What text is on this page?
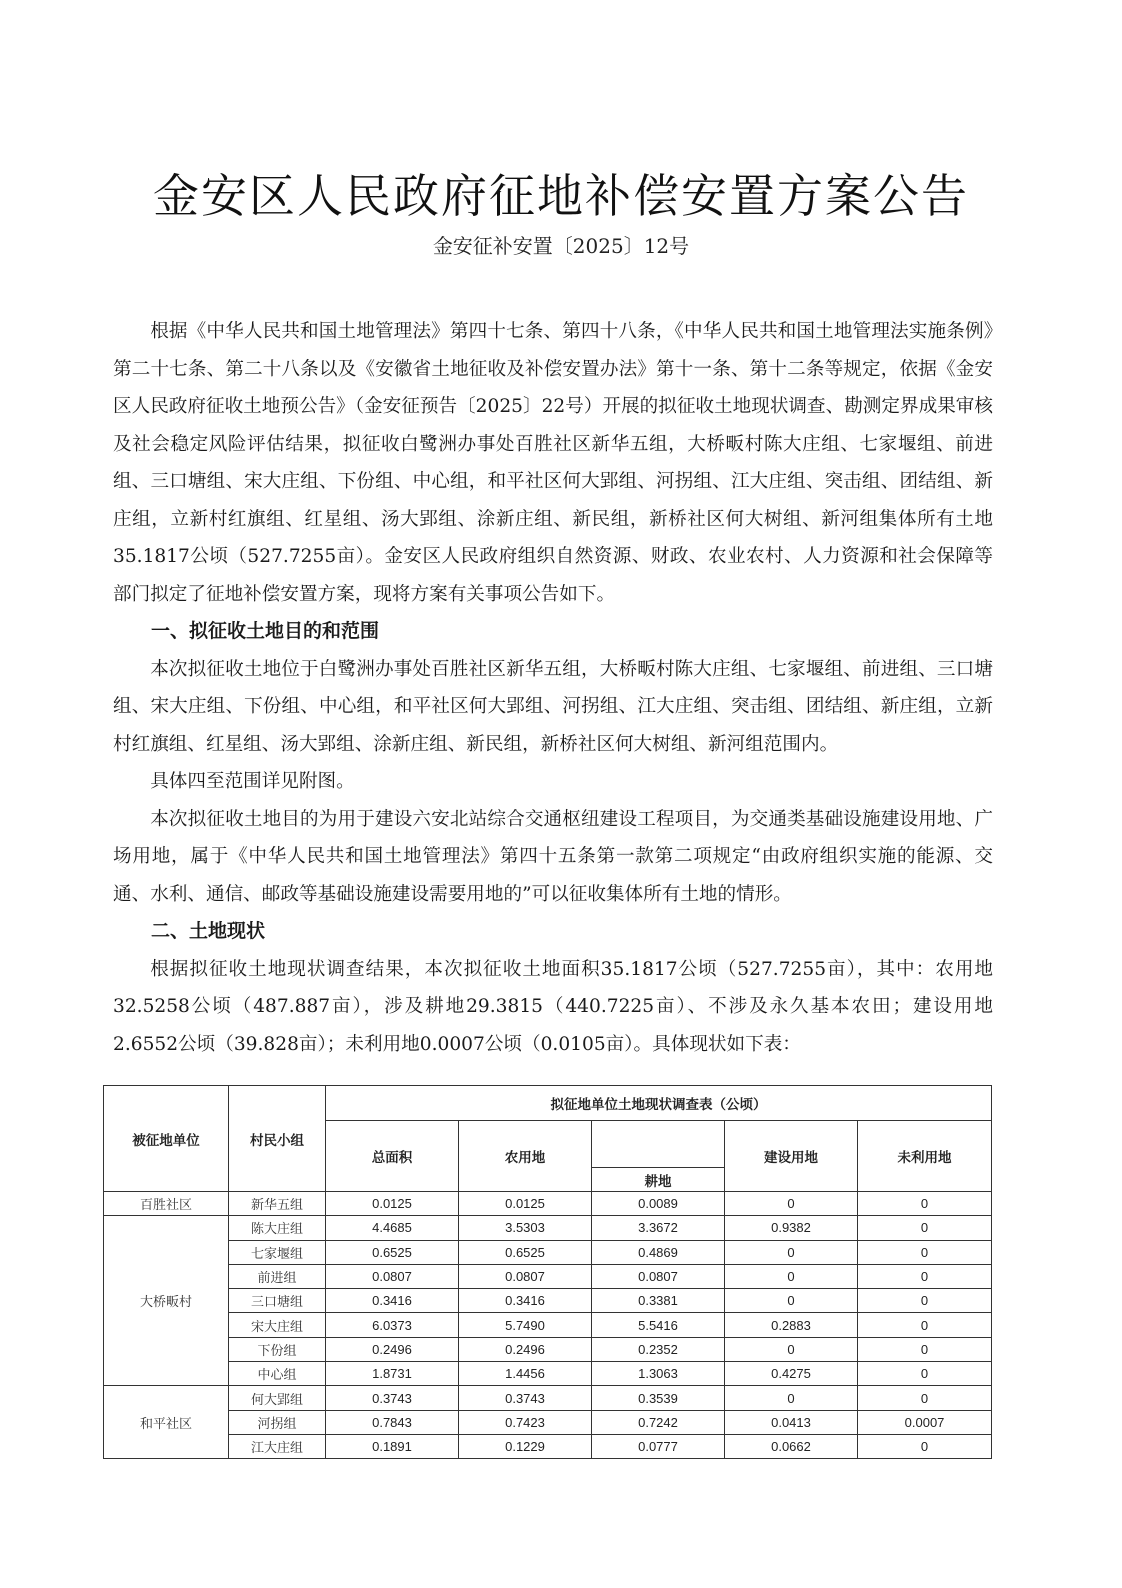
金安区人民政府征地补偿安置方案公告
金安征补安置〔2025〕12号

根据《中华人民共和国土地管理法》第四十七条、第四十八条，《中华人民共和国土地管理法实施条例》第二十七条、第二十八条以及《安徽省土地征收及补偿安置办法》第十一条、第十二条等规定，依据《金安区人民政府征收土地预公告》（金安征预告〔2025〕22号）开展的拟征收土地现状调查、勘测定界成果审核及社会稳定风险评估结果，拟征收白鹭洲办事处百胜社区新华五组，大桥畈村陈大庄组、七家堰组、前进组、三口塘组、宋大庄组、下份组、中心组，和平社区何大郢组、河拐组、江大庄组、突击组、团结组、新庄组，立新村红旗组、红星组、汤大郢组、涂新庄组、新民组，新桥社区何大树组、新河组集体所有土地35.1817公顷（527.7255亩）。金安区人民政府组织自然资源、财政、农业农村、人力资源和社会保障等部门拟定了征地补偿安置方案，现将方案有关事项公告如下。

一、拟征收土地目的和范围

本次拟征收土地位于白鹭洲办事处百胜社区新华五组，大桥畈村陈大庄组、七家堰组、前进组、三口塘组、宋大庄组、下份组、中心组，和平社区何大郢组、河拐组、江大庄组、突击组、团结组、新庄组，立新村红旗组、红星组、汤大郢组、涂新庄组、新民组，新桥社区何大树组、新河组范围内。

具体四至范围详见附图。

本次拟征收土地目的为用于建设六安北站综合交通枢纽建设工程项目，为交通类基础设施建设用地、广场用地，属于《中华人民共和国土地管理法》第四十五条第一款第二项规定“由政府组织实施的能源、交通、水利、通信、邮政等基础设施建设需要用地的”可以征收集体所有土地的情形。

二、土地现状

根据拟征收土地现状调查结果，本次拟征收土地面积35.1817公顷（527.7255亩），其中：农用地32.5258公顷（487.887亩），涉及耕地29.3815（440.7225亩）、不涉及永久基本农田；建设用地2.6552公顷（39.828亩）；未利用地0.0007公顷（0.0105亩）。具体现状如下表：

被征地单位	村民小组	拟征地单位土地现状调查表（公顷）				
		总面积	农用地		建设用地	未利用地
				耕地		
百胜社区	新华五组	0.0125	0.0125	0.0089	0	0
大桥畈村	陈大庄组	4.4685	3.5303	3.3672	0.9382	0
	七家堰组	0.6525	0.6525	0.4869	0	0
	前进组	0.0807	0.0807	0.0807	0	0
	三口塘组	0.3416	0.3416	0.3381	0	0
	宋大庄组	6.0373	5.7490	5.5416	0.2883	0
	下份组	0.2496	0.2496	0.2352	0	0
	中心组	1.8731	1.4456	1.3063	0.4275	0
和平社区	何大郢组	0.3743	0.3743	0.3539	0	0
	河拐组	0.7843	0.7423	0.7242	0.0413	0.0007
	江大庄组	0.1891	0.1229	0.0777	0.0662	0
